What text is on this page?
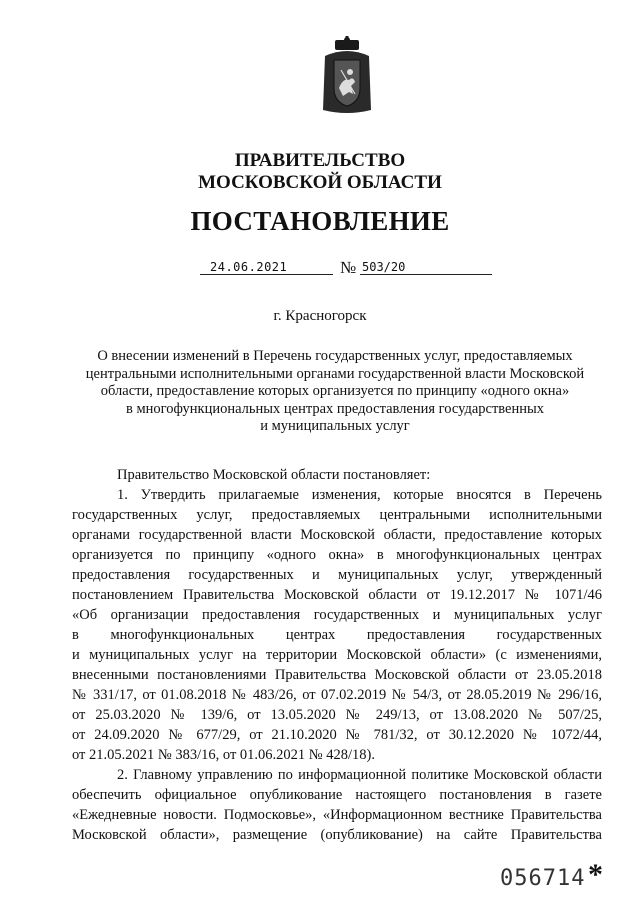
ПРАВИТЕЛЬСТВО
МОСКОВСКОЙ ОБЛАСТИ
ПОСТАНОВЛЕНИЕ
24.06.2021	№ 503/20
г. Красногорск
О внесении изменений в Перечень государственных услуг, предоставляемых
центральными исполнительными органами государственной власти Московской
области, предоставление которых организуется по принципу «одного окна»
в многофункциональных центрах предоставления государственных
и муниципальных услуг
Правительство Московской области постановляет:
1. Утвердить прилагаемые изменения, которые вносятся в Перечень
государственных услуг, предоставляемых центральными исполнительными
органами государственной власти Московской области, предоставление которых
организуется по принципу «одного окна» в многофункциональных центрах
предоставления государственных и муниципальных услуг, утвержденный
постановлением Правительства Московской области от 19.12.2017 № 1071/46
«Об организации предоставления государственных и муниципальных услуг
в многофункциональных центрах предоставления государственных
и муниципальных услуг на территории Московской области» (с изменениями,
внесенными постановлениями Правительства Московской области от 23.05.2018
№ 331/17, от 01.08.2018 № 483/26, от 07.02.2019 № 54/3, от 28.05.2019 № 296/16,
от 25.03.2020 № 139/6, от 13.05.2020 № 249/13, от 13.08.2020 № 507/25,
от 24.09.2020 № 677/29, от 21.10.2020 № 781/32, от 30.12.2020 № 1072/44,
от 21.05.2021 № 383/16, от 01.06.2021 № 428/18).
2. Главному управлению по информационной политике Московской области
обеспечить официальное опубликование настоящего постановления в газете
«Ежедневные новости. Подмосковье», «Информационном вестнике Правительства
Московской области», размещение (опубликование) на сайте Правительства
056714 *
